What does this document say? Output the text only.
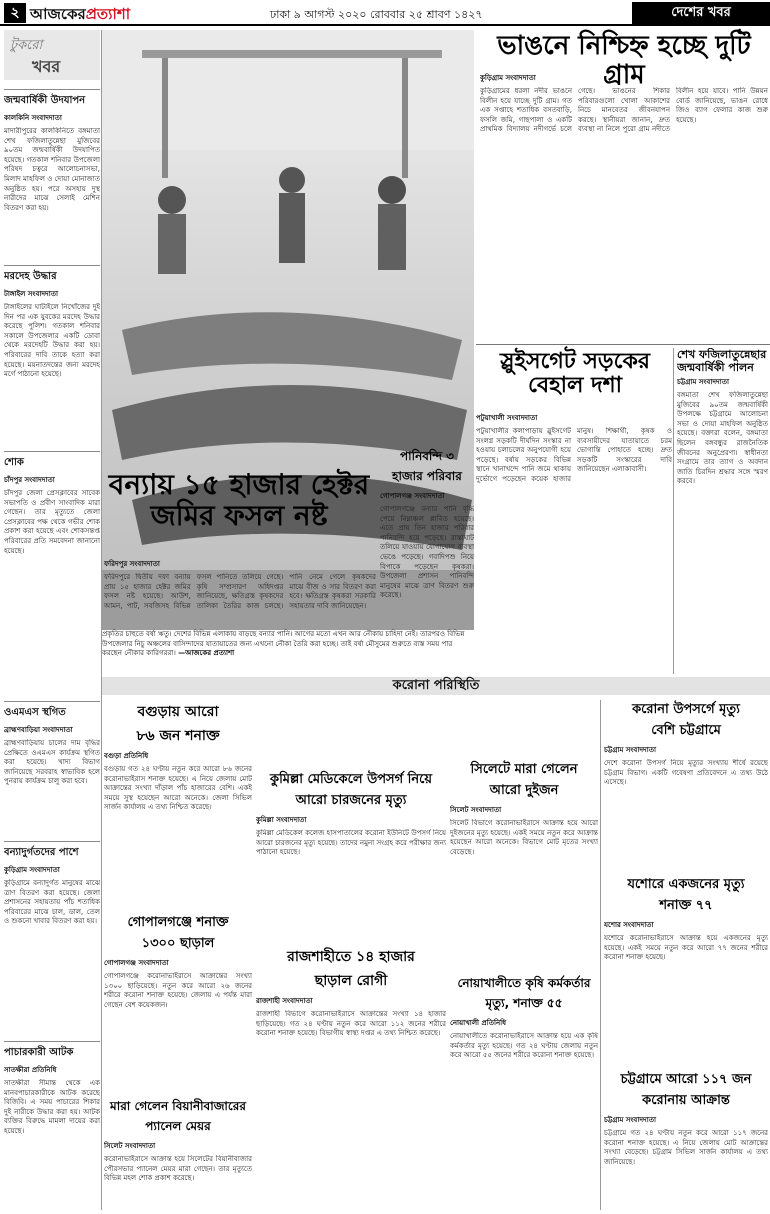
২ আজকেরপ্রত্যাশা	ঢাকা ৯ আগস্ট ২০২০ রোববার ২৫ শ্রাবণ ১৪২৭	দেশের খবর
টুকরো
খবর
জন্মবার্ষিকী উদযাপন
কালকিনি সংবাদদাতা
মাদারীপুরের কালকিনিতে বঙ্গমাতা শেখ ফজিলাতুন্নেছা মুজিবের ৯০তম জন্মবার্ষিকী উদযাপিত হয়েছে। গতকাল শনিবার উপজেলা পরিষদ চত্বরে আলোচনাসভা, মিলাদ মাহফিল ও দোয়া মোনাজাত অনুষ্ঠিত হয়। পরে অসহায় দুস্থ নারীদের মাঝে সেলাই মেশিন বিতরণ করা হয়।
মরদেহ উদ্ধার
টাঙ্গাইল সংবাদদাতা
টাঙ্গাইলের ঘাটাইলে নিখোঁজের দুই দিন পর এক যুবকের মরদেহ উদ্ধার করেছে পুলিশ। গতকাল শনিবার সকালে উপজেলার একটি ডোবা থেকে মরদেহটি উদ্ধার করা হয়। পরিবারের দাবি তাকে হত্যা করা হয়েছে। ময়নাতদন্তের জন্য মরদেহ মর্গে পাঠানো হয়েছে।
শোক
চাঁদপুর সংবাদদাতা
চাঁদপুর জেলা প্রেসক্লাবের সাবেক সভাপতি ও প্রবীণ সাংবাদিক মারা গেছেন। তার মৃত্যুতে জেলা প্রেসক্লাবের পক্ষ থেকে গভীর শোক প্রকাশ করা হয়েছে এবং শোকসন্তপ্ত পরিবারের প্রতি সমবেদনা জানানো হয়েছে।
ওএমএস স্থগিত
ব্রাহ্মণবাড়িয়া সংবাদদাতা
ব্রাহ্মণবাড়িয়ায় চালের দাম বৃদ্ধির প্রেক্ষিতে ওএমএস কার্যক্রম স্থগিত করা হয়েছে। খাদ্য বিভাগ জানিয়েছে সরবরাহ স্বাভাবিক হলে পুনরায় কার্যক্রম চালু করা হবে।
বন্যাদুর্গতদের পাশে
কুড়িগ্রাম সংবাদদাতা
কুড়িগ্রামে বন্যাদুর্গত মানুষের মাঝে ত্রাণ বিতরণ করা হয়েছে। জেলা প্রশাসনের সহায়তায় পাঁচ শতাধিক পরিবারের মাঝে চাল, ডাল, তেল ও শুকনো খাবার বিতরণ করা হয়।
পাচারকারী আটক
সাতক্ষীরা প্রতিনিধি
সাতক্ষীরা সীমান্ত থেকে এক মানবপাচারকারীকে আটক করেছে বিজিবি। এ সময় পাচারের শিকার দুই নারীকে উদ্ধার করা হয়। আটক ব্যক্তির বিরুদ্ধে মামলা দায়ের করা হয়েছে।
প্রকৃতির চাহুতে বর্ষা ঋতু। দেশের বিভিন্ন এলাকায় বাড়ছে বন্যার পানি। আগের মতো এখন আর নৌকায় চাহিদা নেই। তারপরও বিভিন্ন উপজেলার নিচু অঞ্চলের বাসিন্দাদের যাতায়াতের জন্য এখনো নৌকা তৈরি করা হচ্ছে। তাই বর্ষা মৌসুমের শুরুতে ব্যস্ত সময় পার করছেন নৌকার কারিগররা। —আজকের প্রত্যাশা
ভাঙনে নিশ্চিহ্ন হচ্ছে দুটি গ্রাম
কুড়িগ্রাম সংবাদদাতা
কুড়িগ্রামের ধরলা নদীর ভাঙনে বিলীন হয়ে যাচ্ছে দুটি গ্রাম। গত এক সপ্তাহে শতাধিক বসতবাড়ি, ফসলি জমি, গাছপালা ও একটি প্রাথমিক বিদ্যালয় নদীগর্ভে চলে গেছে। ভাঙনের শিকার পরিবারগুলো খোলা আকাশের নিচে মানবেতর জীবনযাপন করছে। স্থানীয়রা জানান, দ্রুত ব্যবস্থা না নিলে পুরো গ্রাম নদীতে বিলীন হয়ে যাবে। পানি উন্নয়ন বোর্ড জানিয়েছে, ভাঙন রোধে জিও ব্যাগ ফেলার কাজ শুরু হয়েছে।
স্লুইসগেট সড়কের বেহাল দশা
পটুয়াখালী সংবাদদাতা
পটুয়াখালীর কলাপাড়ায় স্লুইসগেট সংলগ্ন সড়কটি দীর্ঘদিন সংস্কার না হওয়ায় চলাচলের অনুপযোগী হয়ে পড়েছে। বর্ষায় সড়কের বিভিন্ন স্থানে খানাখন্দে পানি জমে থাকায় দুর্ভোগে পড়েছেন কয়েক হাজার মানুষ। শিক্ষার্থী, কৃষক ও ব্যবসায়ীদের যাতায়াতে চরম ভোগান্তি পোহাতে হচ্ছে। দ্রুত সড়কটি সংস্কারের দাবি জানিয়েছেন এলাকাবাসী।
শেখ ফজিলাতুন্নেছার জন্মবার্ষিকী পালন
চট্টগ্রাম সংবাদদাতা
বঙ্গমাতা শেখ ফজিলাতুন্নেছা মুজিবের ৯০তম জন্মবার্ষিকী উপলক্ষে চট্টগ্রামে আলোচনা সভা ও দোয়া মাহফিল অনুষ্ঠিত হয়েছে। বক্তারা বলেন, বঙ্গমাতা ছিলেন বঙ্গবন্ধুর রাজনৈতিক জীবনের অনুপ্রেরণা। স্বাধীনতা সংগ্রামে তার ত্যাগ ও অবদান জাতি চিরদিন শ্রদ্ধার সঙ্গে স্মরণ করবে।
পানিবন্দি ৩
হাজার পরিবার
গোপালগঞ্জ সংবাদদাতা
গোপালগঞ্জে বন্যার পানি বৃদ্ধি পেয়ে নিম্নাঞ্চল প্লাবিত হয়েছে। এতে প্রায় তিন হাজার পরিবার পানিবন্দি হয়ে পড়েছে। রাস্তাঘাট তলিয়ে যাওয়ায় যোগাযোগ ব্যবস্থা ভেঙে পড়েছে। গবাদিপশু নিয়ে বিপাকে পড়েছেন কৃষকরা। উপজেলা প্রশাসন পানিবন্দি মানুষের মাঝে ত্রাণ বিতরণ শুরু করেছে।
বন্যায় ১৫ হাজার হেক্টর জমির ফসল নষ্ট
ফরিদপুর সংবাদদাতা
ফরিদপুরে দ্বিতীয় দফা বন্যায় প্রায় ১৫ হাজার হেক্টর জমির ফসল নষ্ট হয়েছে। আউশ, আমন, পাট, সবজিসহ বিভিন্ন ফসল পানিতে তলিয়ে গেছে। কৃষি সম্প্রসারণ অধিদপ্তর জানিয়েছে, ক্ষতিগ্রস্ত কৃষকদের তালিকা তৈরির কাজ চলছে। পানি নেমে গেলে কৃষকদের মাঝে বীজ ও সার বিতরণ করা হবে। ক্ষতিগ্রস্ত কৃষকরা সরকারি সহায়তার দাবি জানিয়েছেন।
করোনা পরিস্থিতি
বগুড়ায় আরো
৮৬ জন শনাক্ত
বগুড়া প্রতিনিধি
বগুড়ায় গত ২৪ ঘণ্টায় নতুন করে আরো ৮৬ জনের করোনাভাইরাস শনাক্ত হয়েছে। এ নিয়ে জেলায় মোট আক্রান্তের সংখ্যা দাঁড়াল পাঁচ হাজারের বেশি। একই সময়ে সুস্থ হয়েছেন আরো অনেকে। জেলা সিভিল সার্জন কার্যালয় এ তথ্য নিশ্চিত করেছে।
গোপালগঞ্জে শনাক্ত
১৩০০ ছাড়াল
গোপালগঞ্জ সংবাদদাতা
গোপালগঞ্জে করোনাভাইরাসে আক্রান্তের সংখ্যা ১৩০০ ছাড়িয়েছে। নতুন করে আরো ২৬ জনের শরীরে করোনা শনাক্ত হয়েছে। জেলায় এ পর্যন্ত মারা গেছেন বেশ কয়েকজন।
মারা গেলেন বিয়ানীবাজারের
প্যানেল মেয়র
সিলেট সংবাদদাতা
করোনাভাইরাসে আক্রান্ত হয়ে সিলেটের বিয়ানীবাজার পৌরসভার প্যানেল মেয়র মারা গেছেন। তার মৃত্যুতে বিভিন্ন মহল শোক প্রকাশ করেছে।
কুমিল্লা মেডিকেলে উপসর্গ নিয়ে
আরো চারজনের মৃত্যু
কুমিল্লা সংবাদদাতা
কুমিল্লা মেডিকেল কলেজ হাসপাতালের করোনা ইউনিটে উপসর্গ নিয়ে আরো চারজনের মৃত্যু হয়েছে। তাদের নমুনা সংগ্রহ করে পরীক্ষার জন্য পাঠানো হয়েছে।
রাজশাহীতে ১৪ হাজার
ছাড়াল রোগী
রাজশাহী সংবাদদাতা
রাজশাহী বিভাগে করোনাভাইরাসে আক্রান্তের সংখ্যা ১৪ হাজার ছাড়িয়েছে। গত ২৪ ঘণ্টায় নতুন করে আরো ১১২ জনের শরীরে করোনা শনাক্ত হয়েছে। বিভাগীয় স্বাস্থ্য দপ্তর এ তথ্য নিশ্চিত করেছে।
সিলেটে মারা গেলেন
আরো দুইজন
সিলেট সংবাদদাতা
সিলেট বিভাগে করোনাভাইরাসে আক্রান্ত হয়ে আরো দুইজনের মৃত্যু হয়েছে। একই সময়ে নতুন করে আক্রান্ত হয়েছেন আরো অনেকে। বিভাগে মোট মৃতের সংখ্যা বেড়েছে।
নোয়াখালীতে কৃষি কর্মকর্তার
মৃত্যু, শনাক্ত ৫৫
নোয়াখালী প্রতিনিধি
নোয়াখালীতে করোনাভাইরাসে আক্রান্ত হয়ে এক কৃষি কর্মকর্তার মৃত্যু হয়েছে। গত ২৪ ঘণ্টায় জেলায় নতুন করে আরো ৫৫ জনের শরীরে করোনা শনাক্ত হয়েছে।
করোনা উপসর্গে মৃত্যু
বেশি চট্টগ্রামে
চট্টগ্রাম সংবাদদাতা
দেশে করোনা উপসর্গ নিয়ে মৃত্যুর সংখ্যায় শীর্ষে রয়েছে চট্টগ্রাম বিভাগ। একটি গবেষণা প্রতিবেদনে এ তথ্য উঠে এসেছে।
যশোরে একজনের মৃত্যু
শনাক্ত ৭৭
যশোর সংবাদদাতা
যশোরে করোনাভাইরাসে আক্রান্ত হয়ে একজনের মৃত্যু হয়েছে। একই সময়ে নতুন করে আরো ৭৭ জনের শরীরে করোনা শনাক্ত হয়েছে।
চট্টগ্রামে আরো ১১৭ জন
করোনায় আক্রান্ত
চট্টগ্রাম সংবাদদাতা
চট্টগ্রামে গত ২৪ ঘণ্টায় নতুন করে আরো ১১৭ জনের করোনা শনাক্ত হয়েছে। এ নিয়ে জেলায় মোট আক্রান্তের সংখ্যা বেড়েছে। চট্টগ্রাম সিভিল সার্জন কার্যালয় এ তথ্য জানিয়েছে।
